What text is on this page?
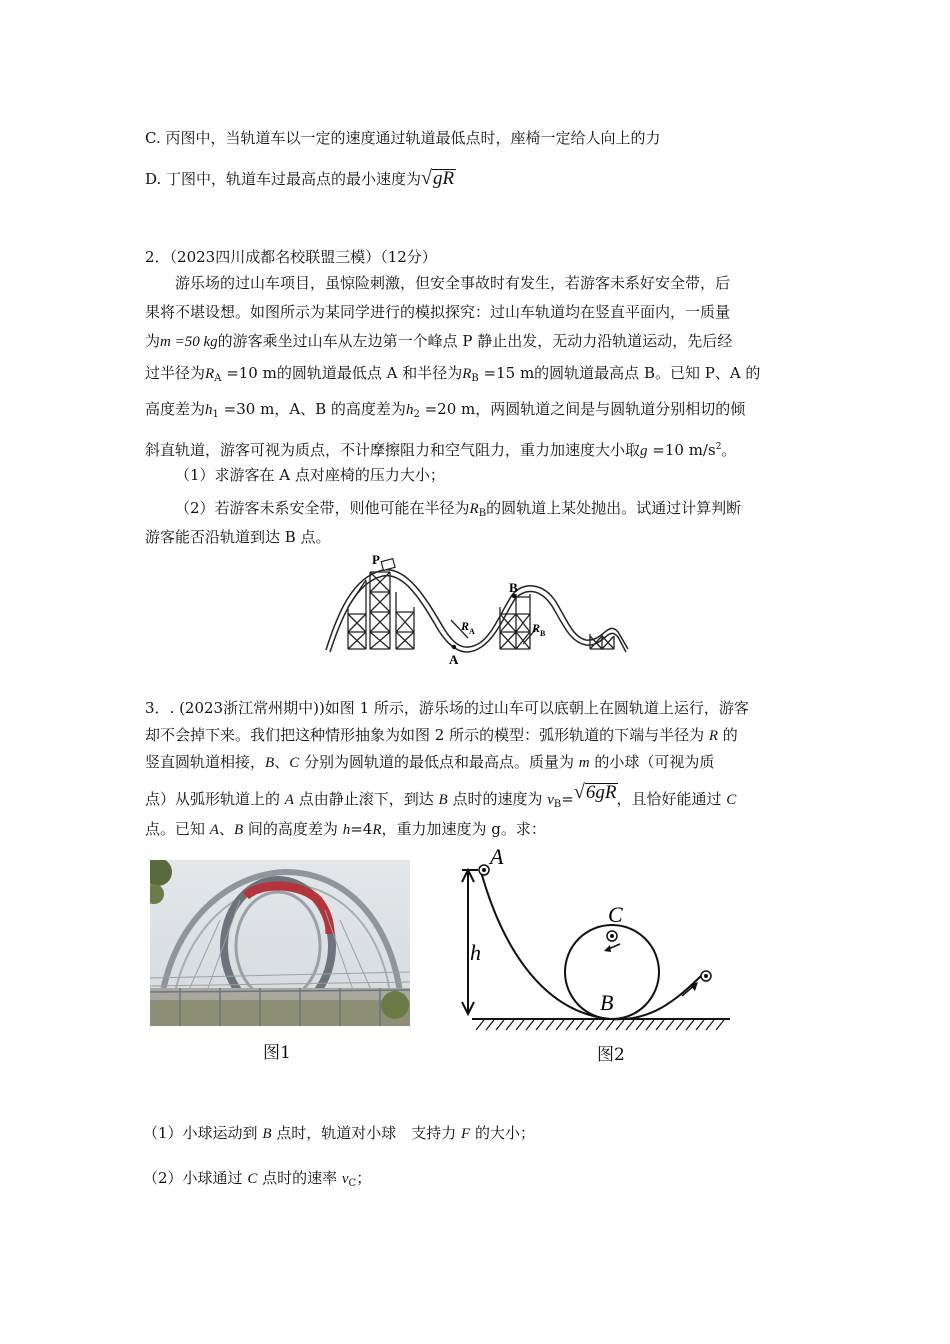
C. 丙图中，当轨道车以一定的速度通过轨道最低点时，座椅一定给人向上的力
D. 丁图中，轨道车过最高点的最小速度为 √ gR
2．（2023四川成都名校联盟三模）（12分）
游乐场的过山车项目，虽惊险刺激，但安全事故时有发生，若游客未系好安全带，后
果将不堪设想。如图所示为某同学进行的模拟探究：过山车轨道均在竖直平面内，一质量
为m =50 kg的游客乘坐过山车从左边第一个峰点 P 静止出发，无动力沿轨道运动，先后经
过半径为$R_A =10$ m的圆轨道最低点 A 和半径为$R_B =15$ m的圆轨道最高点 B。已知 P、A 的
高度差为$h_1 =30$ m，A、B 的高度差为$h_2 =20$ m，两圆轨道之间是与圆轨道分别相切的倾
斜直轨道，游客可视为质点，不计摩擦阻力和空气阻力，重力加速度大小取g =10 $m/s^2$。
（1）求游客在 A 点对座椅的压力大小；
（2）若游客未系安全带，则他可能在半径为$R_B$的圆轨道上某处抛出。试通过计算判断
游客能否沿轨道到达 B 点。
P
A
B
R A	R B
3．. (2023浙江常州期中))如图 1 所示，游乐场的过山车可以底朝上在圆轨道上运行，游客
却不会掉下来。我们把这种情形抽象为如图 2 所示的模型：弧形轨道的下端与半径为 R 的
竖直圆轨道相接，B、C 分别为圆轨道的最低点和最高点。质量为 m 的小球（可视为质
点）从弧形轨道上的 A 点由静止滚下，到达 B 点时的速度为 $v_B=$ √ 6gR，且恰好能通过 C
点。已知 A、B 间的高度差为 h=4R，重力加速度为 g。求：
图1
A
C
h
B
图2
（1）小球运动到 B 点时，轨道对小球　支持力 F 的大小；
（2）小球通过 C 点时的速率 $v_C$；
